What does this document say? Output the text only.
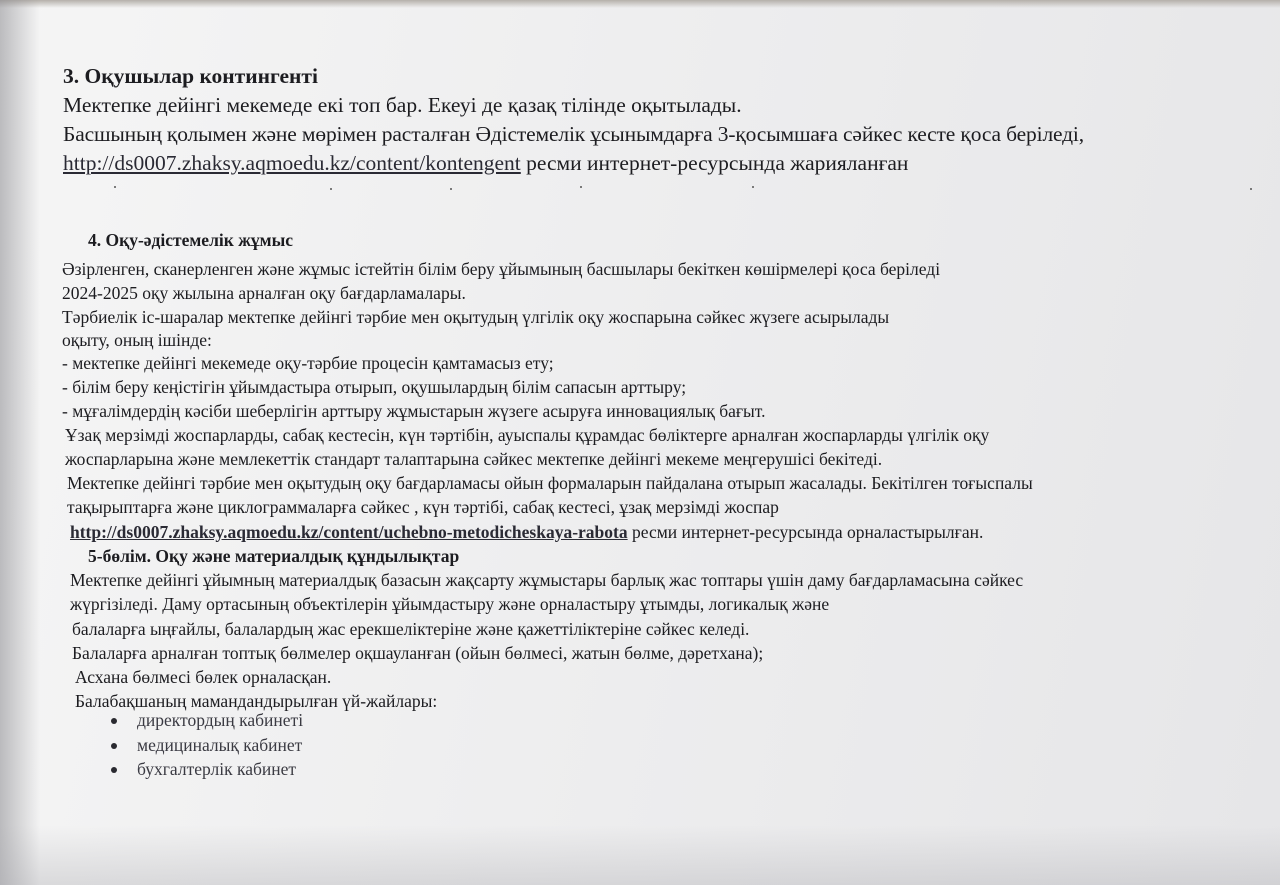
3. Оқушылар контингенті
Мектепке дейінгі мекемеде екі топ бар. Екеуі де қазақ тілінде оқытылады.
Басшының қолымен және мөрімен расталған Әдістемелік ұсынымдарға 3-қосымшаға сәйкес кесте қоса беріледі,
http://ds0007.zhaksy.aqmoedu.kz/content/kontengent ресми интернет-ресурсында жарияланған
4. Оқу-әдістемелік жұмыс
Әзірленген, сканерленген және жұмыс істейтін білім беру ұйымының басшылары бекіткен көшірмелері қоса беріледі
2024-2025 оқу жылына арналған оқу бағдарламалары.
Тәрбиелік іс-шаралар мектепке дейінгі тәрбие мен оқытудың үлгілік оқу жоспарына сәйкес жүзеге асырылады
оқыту, оның ішінде:
- мектепке дейінгі мекемеде оқу-тәрбие процесін қамтамасыз ету;
- білім беру кеңістігін ұйымдастыра отырып, оқушылардың білім сапасын арттыру;
- мұғалімдердің кәсіби шеберлігін арттыру жұмыстарын жүзеге асыруға инновациялық бағыт.
Ұзақ мерзімді жоспарларды, сабақ кестесін, күн тәртібін, ауыспалы құрамдас бөліктерге арналған жоспарларды үлгілік оқу
жоспарларына және мемлекеттік стандарт талаптарына сәйкес мектепке дейінгі мекеме меңгерушісі бекітеді.
Мектепке дейінгі тәрбие мен оқытудың оқу бағдарламасы ойын формаларын пайдалана отырып жасалады. Бекітілген тоғыспалы
тақырыптарға және циклограммаларға сәйкес , күн тәртібі, сабақ кестесі, ұзақ мерзімді жоспар
http://ds0007.zhaksy.aqmoedu.kz/content/uchebno-metodicheskaya-rabota ресми интернет-ресурсында орналастырылған.
5-бөлім. Оқу және материалдық құндылықтар
Мектепке дейінгі ұйымның материалдық базасын жақсарту жұмыстары барлық жас топтары үшін даму бағдарламасына сәйкес
жүргізіледі. Даму ортасының объектілерін ұйымдастыру және орналастыру ұтымды, логикалық және
балаларға ыңғайлы, балалардың жас ерекшеліктеріне және қажеттіліктеріне сәйкес келеді.
Балаларға арналған топтық бөлмелер оқшауланған (ойын бөлмесі, жатын бөлме, дәретхана);
Асхана бөлмесі бөлек орналасқан.
Балабақшаның мамандандырылған үй-жайлары:
директордың кабинеті
медициналық кабинет
бухгалтерлік кабинет
